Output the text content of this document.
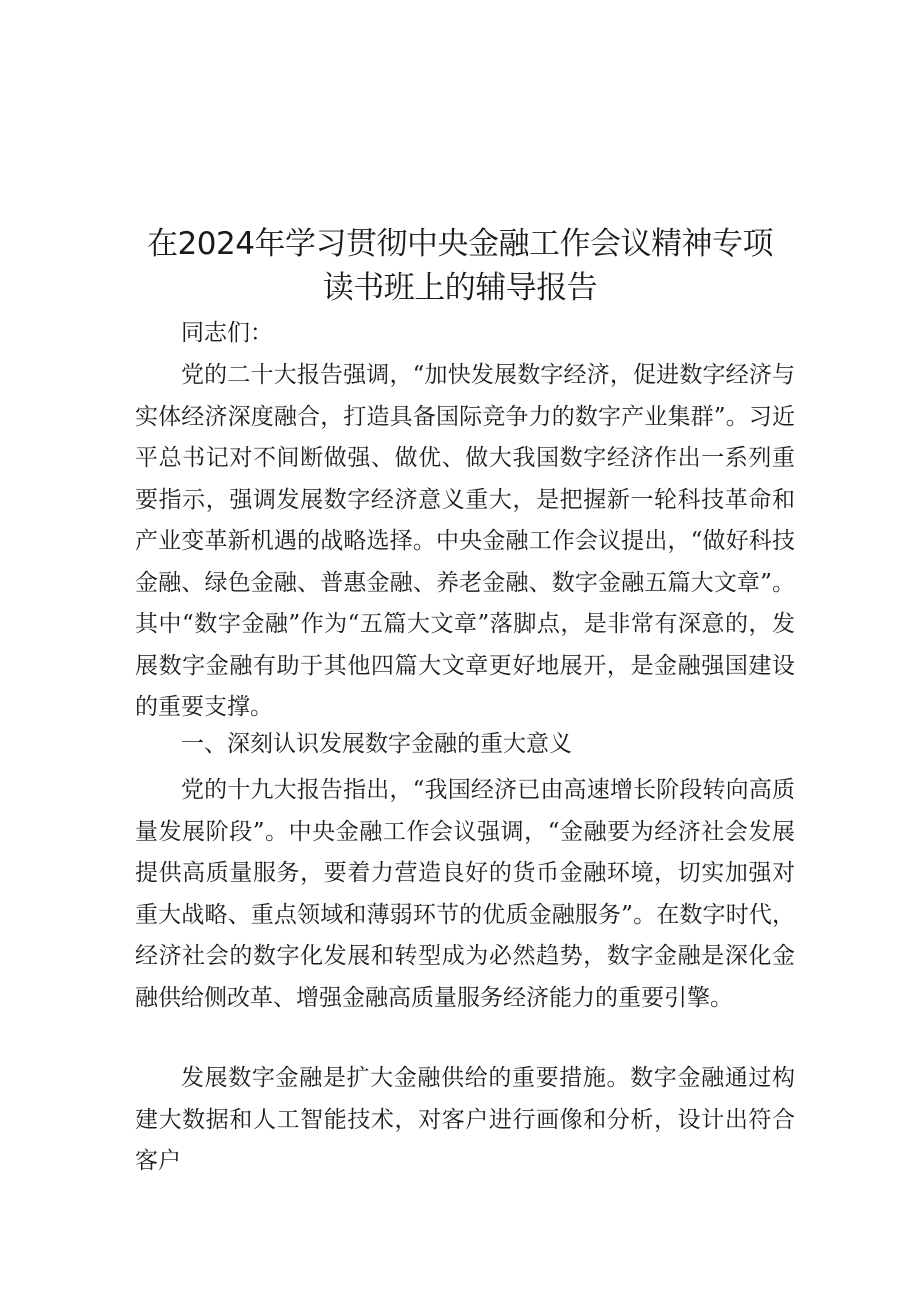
在2024年学习贯彻中央金融工作会议精神专项
读书班上的辅导报告

同志们：

党的二十大报告强调，“加快发展数字经济，促进数字经济与实体经济深度融合，打造具备国际竞争力的数字产业集群”。习近平总书记对不间断做强、做优、做大我国数字经济作出一系列重要指示，强调发展数字经济意义重大，是把握新一轮科技革命和产业变革新机遇的战略选择。中央金融工作会议提出，“做好科技金融、绿色金融、普惠金融、养老金融、数字金融五篇大文章”。其中“数字金融”作为“五篇大文章”落脚点，是非常有深意的，发展数字金融有助于其他四篇大文章更好地展开，是金融强国建设的重要支撑。

一、深刻认识发展数字金融的重大意义

党的十九大报告指出，“我国经济已由高速增长阶段转向高质量发展阶段”。中央金融工作会议强调，“金融要为经济社会发展提供高质量服务，要着力营造良好的货币金融环境，切实加强对重大战略、重点领域和薄弱环节的优质金融服务”。在数字时代，经济社会的数字化发展和转型成为必然趋势，数字金融是深化金融供给侧改革、增强金融高质量服务经济能力的重要引擎。

发展数字金融是扩大金融供给的重要措施。数字金融通过构建大数据和人工智能技术，对客户进行画像和分析，设计出符合客户
